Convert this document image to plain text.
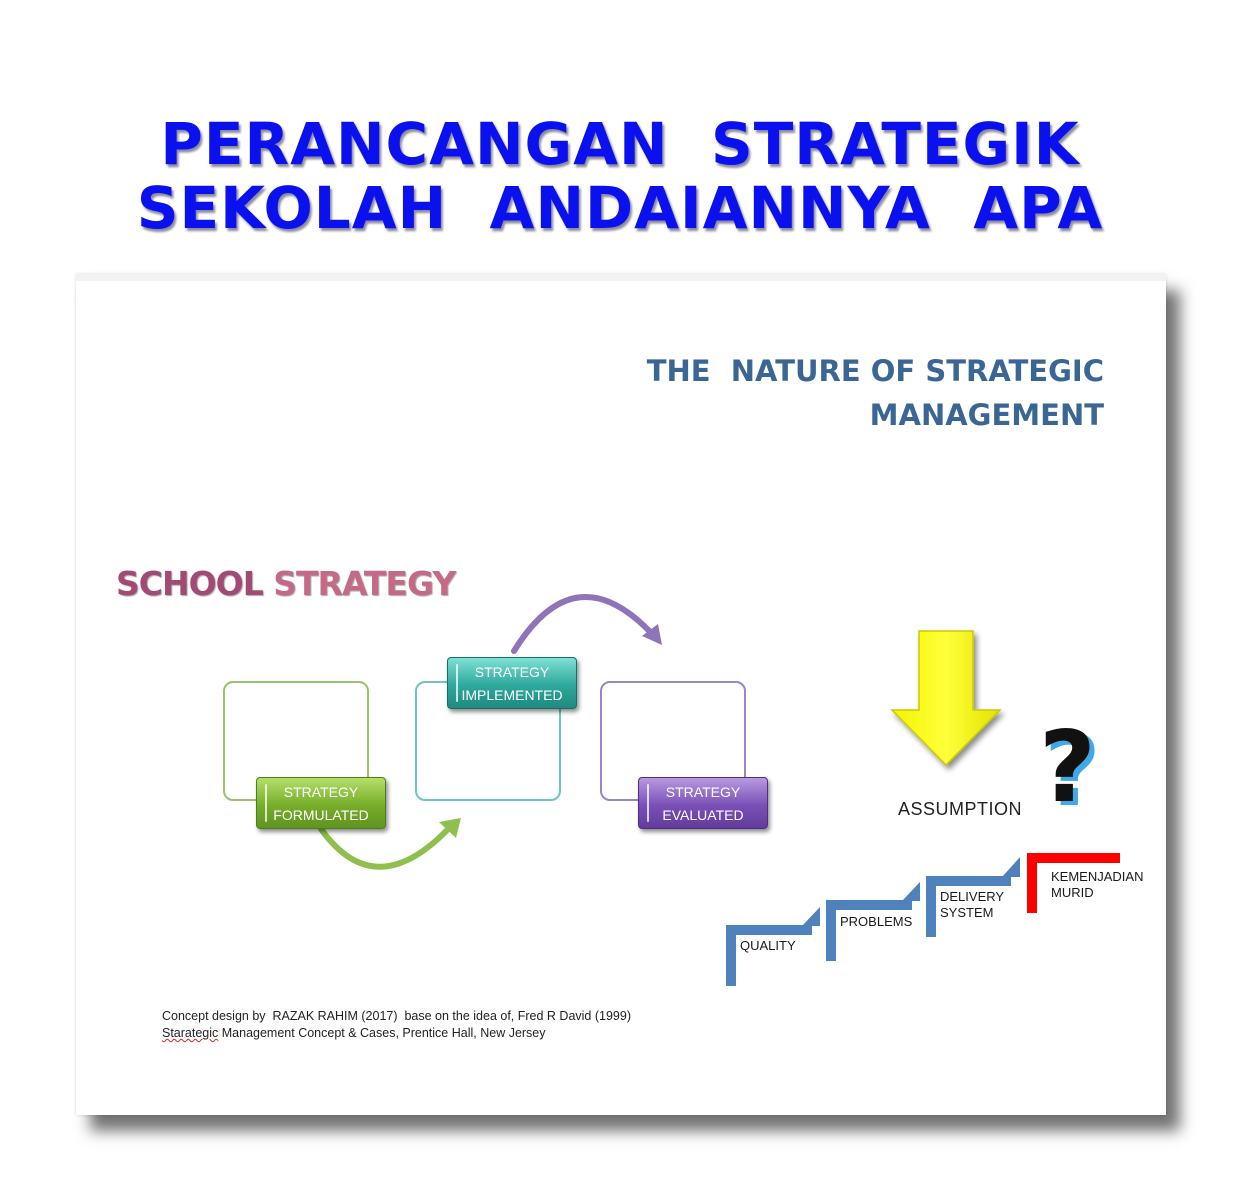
PERANCANGAN  STRATEGIK
SEKOLAH  ANDAIANNYA  APA
THE  NATURE OF STRATEGIC
MANAGEMENT
SCHOOL STRATEGY
STRATEGY
FORMULATED
STRATEGY
IMPLEMENTED
STRATEGY
EVALUATED	ASSUMPTION ?
QUALITY
PROBLEMS
DELIVERY
SYSTEM
KEMENJADIAN
MURID
Concept design by  RAZAK RAHIM (2017)  base on the idea of, Fred R David (1999)
Starategic Management Concept & Cases, Prentice Hall, New Jersey
